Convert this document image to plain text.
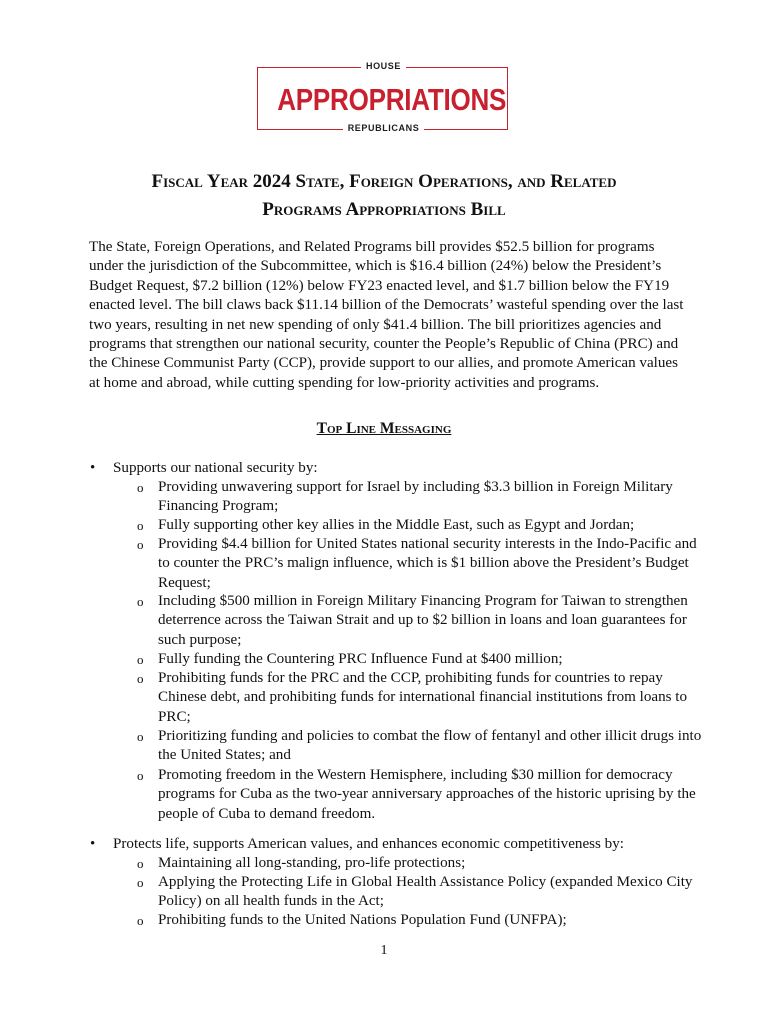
HOUSE
APPROPRIATIONS
REPUBLICANS
Fiscal Year 2024 State, Foreign Operations, and Related
Programs Appropriations Bill

The State, Foreign Operations, and Related Programs bill provides $52.5 billion for programs under the jurisdiction of the Subcommittee, which is $16.4 billion (24%) below the President’s Budget Request, $7.2 billion (12%) below FY23 enacted level, and $1.7 billion below the FY19 enacted level. The bill claws back $11.14 billion of the Democrats’ wasteful spending over the last two years, resulting in net new spending of only $41.4 billion. The bill prioritizes agencies and programs that strengthen our national security, counter the People’s Republic of China (PRC) and the Chinese Communist Party (CCP), provide support to our allies, and promote American values at home and abroad, while cutting spending for low-priority activities and programs.

Top Line Messaging
• Supports our national security by:
o Providing unwavering support for Israel by including $3.3 billion in Foreign Military Financing Program;
o Fully supporting other key allies in the Middle East, such as Egypt and Jordan;
o Providing $4.4 billion for United States national security interests in the Indo-Pacific and to counter the PRC’s malign influence, which is $1 billion above the President’s Budget Request;
o Including $500 million in Foreign Military Financing Program for Taiwan to strengthen deterrence across the Taiwan Strait and up to $2 billion in loans and loan guarantees for such purpose;
o Fully funding the Countering PRC Influence Fund at $400 million;
o Prohibiting funds for the PRC and the CCP, prohibiting funds for countries to repay Chinese debt, and prohibiting funds for international financial institutions from loans to PRC;
o Prioritizing funding and policies to combat the flow of fentanyl and other illicit drugs into the United States; and
o Promoting freedom in the Western Hemisphere, including $30 million for democracy programs for Cuba as the two-year anniversary approaches of the historic uprising by the people of Cuba to demand freedom.
• Protects life, supports American values, and enhances economic competitiveness by:
o Maintaining all long-standing, pro-life protections;
o Applying the Protecting Life in Global Health Assistance Policy (expanded Mexico City Policy) on all health funds in the Act;
o Prohibiting funds to the United Nations Population Fund (UNFPA);
1
